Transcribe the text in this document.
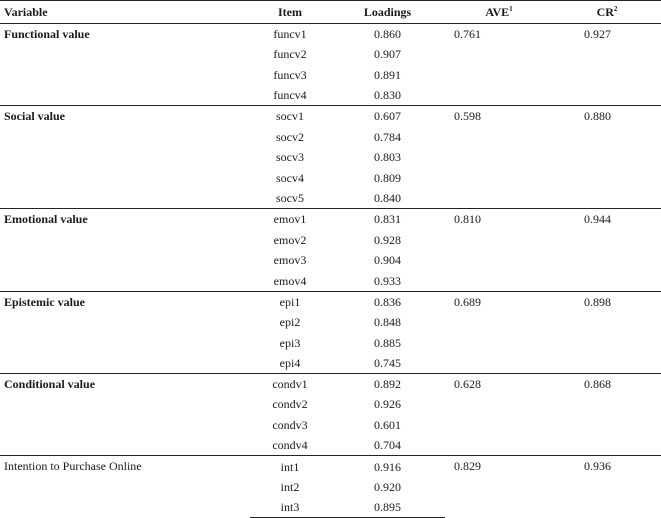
Variable	Item	Loadings	AVE$^1$	$CR^2$
Functional value	funcv1	0.860	0.761	0.927
	funcv2	0.907		
	funcv3	0.891		
	funcv4	0.830		
Social value	socv1	0.607	0.598	0.880
	socv2	0.784		
	socv3	0.803		
	socv4	0.809		
	socv5	0.840		
Emotional value	emov1	0.831	0.810	0.944
	emov2	0.928		
	emov3	0.904		
	emov4	0.933		
Epistemic value	epi1	0.836	0.689	0.898
	epi2	0.848		
	epi3	0.885		
	epi4	0.745		
Conditional value	condv1	0.892	0.628	0.868
	condv2	0.926		
	condv3	0.601		
	condv4	0.704		
Intention to Purchase Online	int1	0.916	0.829	0.936
	int2	0.920		
	int3	0.895		
